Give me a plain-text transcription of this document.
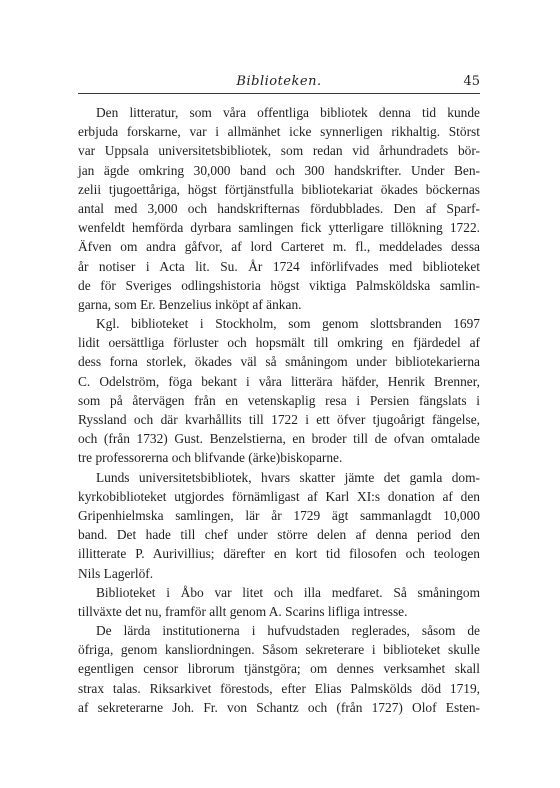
Biblioteken.	45
Den litteratur, som våra offentliga bibliotek denna tid kunde
erbjuda forskarne, var i allmänhet icke synnerligen rikhaltig. Störst
var Uppsala universitetsbibliotek, som redan vid århundradets bör-
jan ägde omkring 30,000 band och 300 handskrifter. Under Ben-
zelii tjugoettåriga, högst förtjänstfulla bibliotekariat ökades böckernas
antal med 3,000 och handskrifternas fördubblades. Den af Sparf-
wenfeldt hemförda dyrbara samlingen fick ytterligare tillökning 1722.
Äfven om andra gåfvor, af lord Carteret m. fl., meddelades dessa
år notiser i Acta lit. Su. År 1724 införlifvades med biblioteket
de för Sveriges odlingshistoria högst viktiga Palmsköldska samlin-
garna, som Er. Benzelius inköpt af änkan.
Kgl. biblioteket i Stockholm, som genom slottsbranden 1697
lidit oersättliga förluster och hopsmält till omkring en fjärdedel af
dess forna storlek, ökades väl så småningom under bibliotekarierna
C. Odelström, föga bekant i våra litterära häfder, Henrik Brenner,
som på återvägen från en vetenskaplig resa i Persien fängslats i
Ryssland och där kvarhållits till 1722 i ett öfver tjugoårigt fängelse,
och (från 1732) Gust. Benzelstierna, en broder till de ofvan omtalade
tre professorerna och blifvande (ärke)biskoparne.
Lunds universitetsbibliotek, hvars skatter jämte det gamla dom-
kyrkobiblioteket utgjordes förnämligast af Karl XI:s donation af den
Gripenhielmska samlingen, lär år 1729 ägt sammanlagdt 10,000
band. Det hade till chef under större delen af denna period den
illitterate P. Aurivillius; därefter en kort tid filosofen och teologen
Nils Lagerlöf.
Biblioteket i Åbo var litet och illa medfaret. Så småningom
tillväxte det nu, framför allt genom A. Scarins lifliga intresse.
De lärda institutionerna i hufvudstaden reglerades, såsom de
öfriga, genom kansliordningen. Såsom sekreterare i biblioteket skulle
egentligen censor librorum tjänstgöra; om dennes verksamhet skall
strax talas. Riksarkivet förestods, efter Elias Palmskölds död 1719,
af sekreterarne Joh. Fr. von Schantz och (från 1727) Olof Esten-
